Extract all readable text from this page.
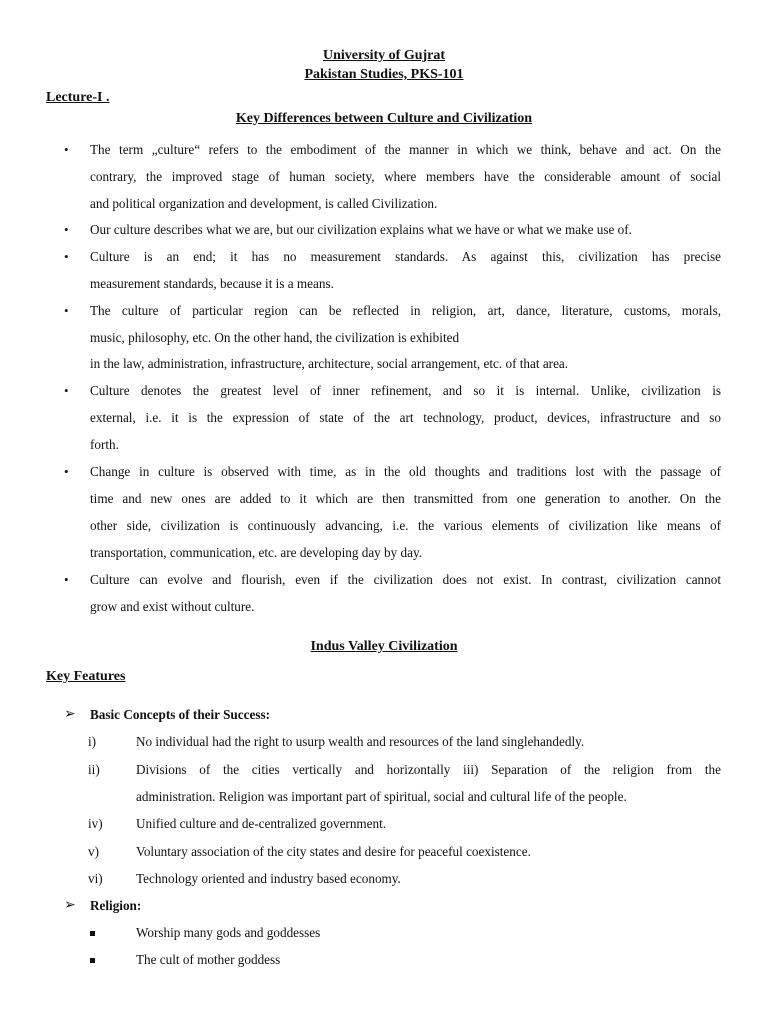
University of Gujrat
Pakistan Studies, PKS-101
Lecture-I .
Key Differences between Culture and Civilization
• The term „culture“ refers to the embodiment of the manner in which we think, behave and act. On the
contrary, the improved stage of human society, where members have the considerable amount of social
and political organization and development, is called Civilization.
• Our culture describes what we are, but our civilization explains what we have or what we make use of.
• Culture is an end; it has no measurement standards. As against this, civilization has precise
measurement standards, because it is a means.
• The culture of particular region can be reflected in religion, art, dance, literature, customs, morals,
music, philosophy, etc. On the other hand, the civilization is exhibited
in the law, administration, infrastructure, architecture, social arrangement, etc. of that area.
• Culture denotes the greatest level of inner refinement, and so it is internal. Unlike, civilization is
external, i.e. it is the expression of state of the art technology, product, devices, infrastructure and so
forth.
• Change in culture is observed with time, as in the old thoughts and traditions lost with the passage of
time and new ones are added to it which are then transmitted from one generation to another. On the
other side, civilization is continuously advancing, i.e. the various elements of civilization like means of
transportation, communication, etc. are developing day by day.
• Culture can evolve and flourish, even if the civilization does not exist. In contrast, civilization cannot
grow and exist without culture.
Indus Valley Civilization
Key Features
➢ Basic Concepts of their Success:
i)	No individual had the right to usurp wealth and resources of the land singlehandedly.
ii)	Divisions of the cities vertically and horizontally iii) Separation of the religion from the
administration. Religion was important part of spiritual, social and cultural life of the people.
iv)	Unified culture and de-centralized government.
v)	Voluntary association of the city states and desire for peaceful coexistence.
vi)	Technology oriented and industry based economy.
➢ Religion:
Worship many gods and goddesses
The cult of mother goddess
